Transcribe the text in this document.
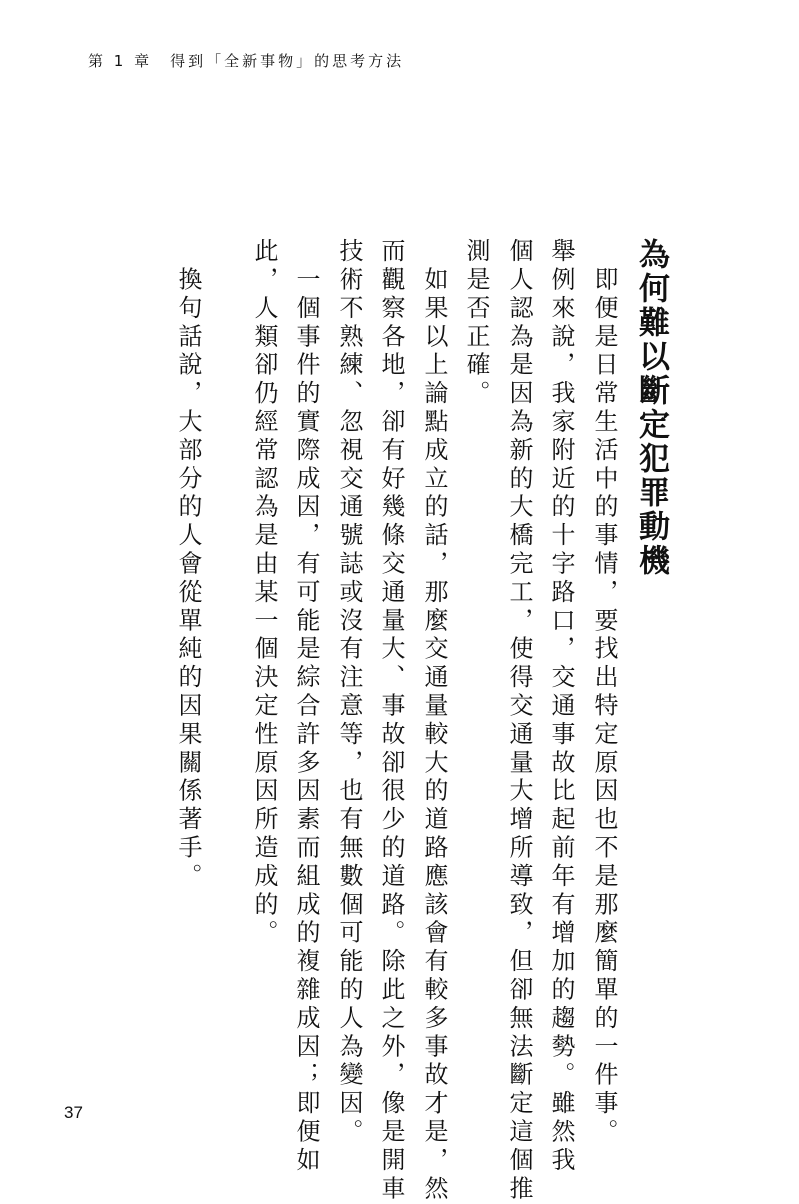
第 1 章　得到「全新事物」的思考方法
為何難以斷定犯罪動機
　即便是日常生活中的事情，要找出特定原因也不是那麼簡單的一件事。
舉例來說，我家附近的十字路口，交通事故比起前年有增加的趨勢。雖然我
個人認為是因為新的大橋完工，使得交通量大增所導致，但卻無法斷定這個推
測是否正確。
　如果以上論點成立的話，那麼交通量較大的道路應該會有較多事故才是，然
而觀察各地，卻有好幾條交通量大、事故卻很少的道路。除此之外，像是開車
技術不熟練、忽視交通號誌或沒有注意等，也有無數個可能的人為變因。
　一個事件的實際成因，有可能是綜合許多因素而組成的複雜成因；即便如
此，人類卻仍經常認為是由某一個決定性原因所造成的。
　換句話說，大部分的人會從單純的因果關係著手。
37
